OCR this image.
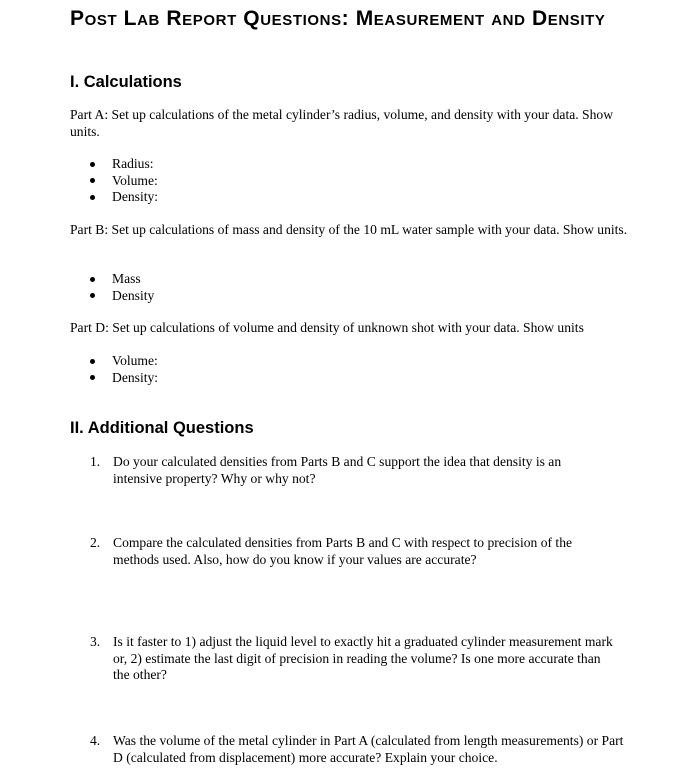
Post Lab Report Questions: Measurement and Density
I. Calculations

Part A: Set up calculations of the metal cylinder’s radius, volume, and density with your data. Show units.

Radius:
Volume:
Density:

Part B: Set up calculations of mass and density of the 10 mL water sample with your data. Show units.

Mass
Density

Part D: Set up calculations of volume and density of unknown shot with your data. Show units

Volume:
Density:
II. Additional Questions
1. Do your calculated densities from Parts B and C support the idea that density is an intensive property? Why or why not?
2. Compare the calculated densities from Parts B and C with respect to precision of the methods used. Also, how do you know if your values are accurate?
3. Is it faster to 1) adjust the liquid level to exactly hit a graduated cylinder measurement mark or, 2) estimate the last digit of precision in reading the volume? Is one more accurate than the other?
4. Was the volume of the metal cylinder in Part A (calculated from length measurements) or Part D (calculated from displacement) more accurate? Explain your choice.
